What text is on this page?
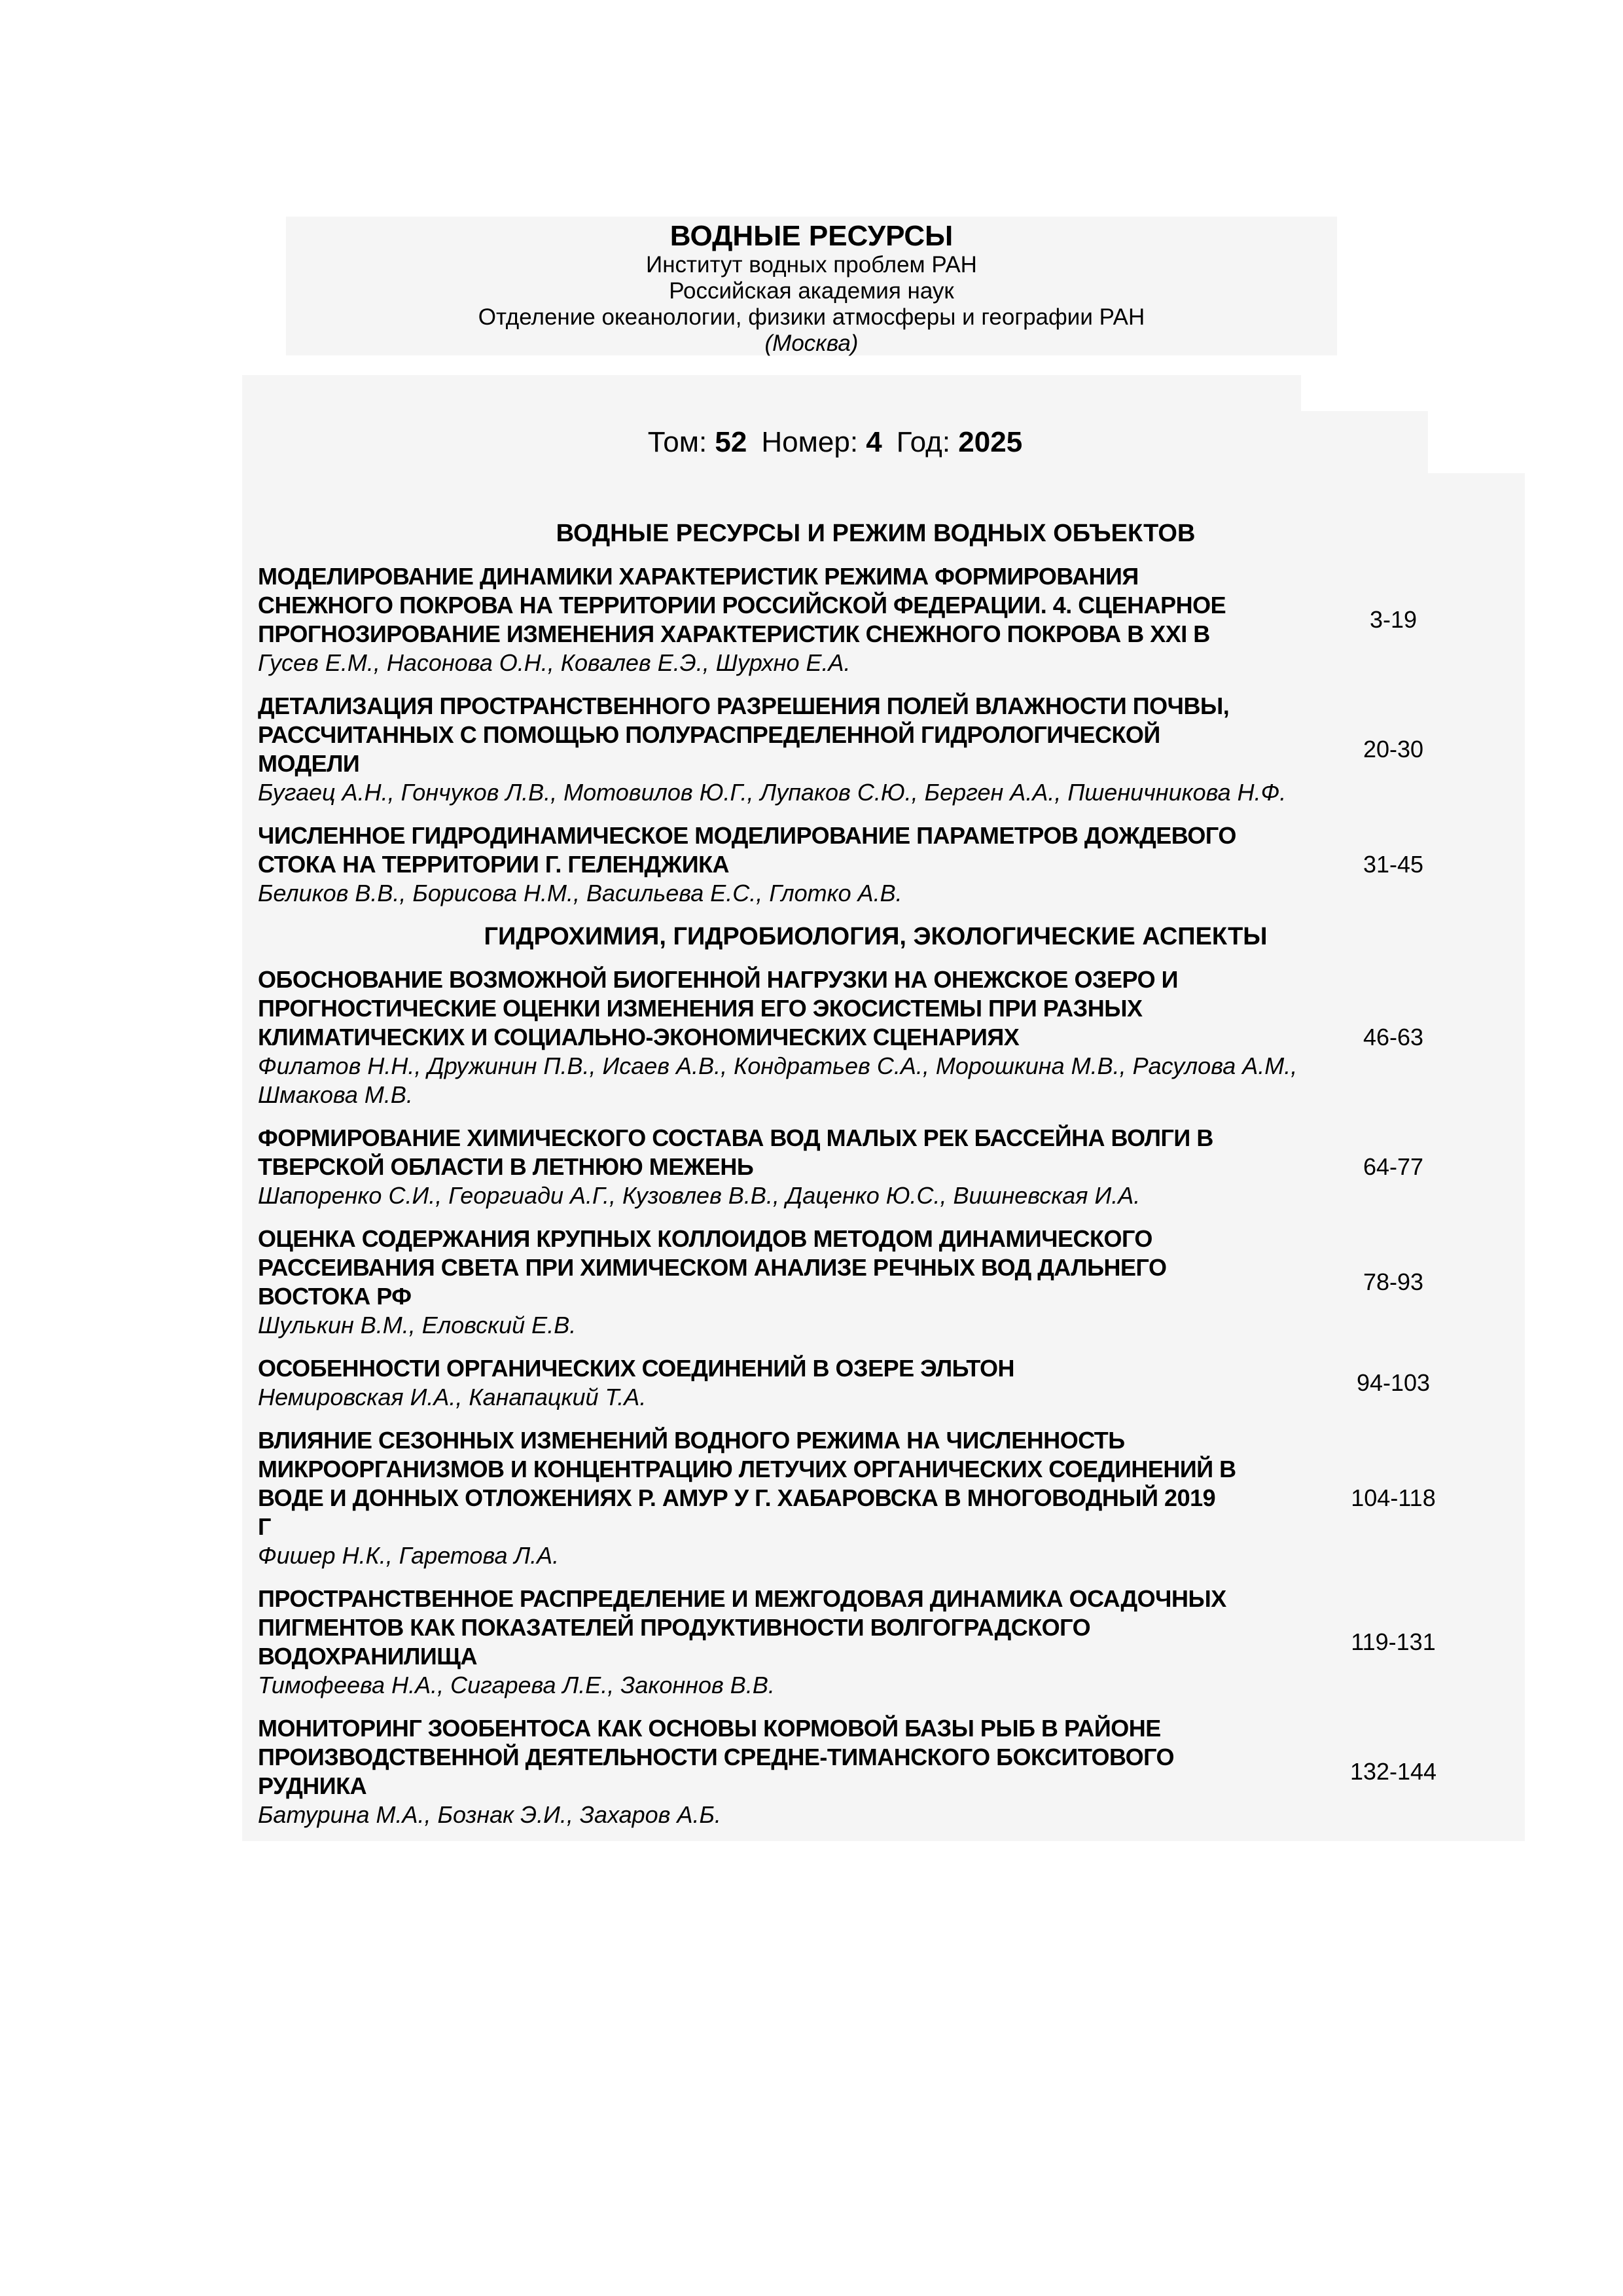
ВОДНЫЕ РЕСУРСЫ
Институт водных проблем РАН
Российская академия наук
Отделение океанологии, физики атмосферы и географии РАН
(Москва)
Том: 52 Номер: 4 Год: 2025
ВОДНЫЕ РЕСУРСЫ И РЕЖИМ ВОДНЫХ ОБЪЕКТОВ
МОДЕЛИРОВАНИЕ ДИНАМИКИ ХАРАКТЕРИСТИК РЕЖИМА ФОРМИРОВАНИЯ
СНЕЖНОГО ПОКРОВА НА ТЕРРИТОРИИ РОССИЙСКОЙ ФЕДЕРАЦИИ. 4. СЦЕНАРНОЕ
ПРОГНОЗИРОВАНИЕ ИЗМЕНЕНИЯ ХАРАКТЕРИСТИК СНЕЖНОГО ПОКРОВА В XXI В
Гусев Е.М., Насонова О.Н., Ковалев Е.Э., Шурхно Е.А.
3-19
ДЕТАЛИЗАЦИЯ ПРОСТРАНСТВЕННОГО РАЗРЕШЕНИЯ ПОЛЕЙ ВЛАЖНОСТИ ПОЧВЫ,
РАССЧИТАННЫХ С ПОМОЩЬЮ ПОЛУРАСПРЕДЕЛЕННОЙ ГИДРОЛОГИЧЕСКОЙ
МОДЕЛИ
Бугаец А.Н., Гончуков Л.В., Мотовилов Ю.Г., Лупаков С.Ю., Берген А.А., Пшеничникова Н.Ф.
20-30
ЧИСЛЕННОЕ ГИДРОДИНАМИЧЕСКОЕ МОДЕЛИРОВАНИЕ ПАРАМЕТРОВ ДОЖДЕВОГО
СТОКА НА ТЕРРИТОРИИ Г. ГЕЛЕНДЖИКА
Беликов В.В., Борисова Н.М., Васильева Е.С., Глотко А.В.
31-45
ГИДРОХИМИЯ, ГИДРОБИОЛОГИЯ, ЭКОЛОГИЧЕСКИЕ АСПЕКТЫ
ОБОСНОВАНИЕ ВОЗМОЖНОЙ БИОГЕННОЙ НАГРУЗКИ НА ОНЕЖСКОЕ ОЗЕРО И
ПРОГНОСТИЧЕСКИЕ ОЦЕНКИ ИЗМЕНЕНИЯ ЕГО ЭКОСИСТЕМЫ ПРИ РАЗНЫХ
КЛИМАТИЧЕСКИХ И СОЦИАЛЬНО-ЭКОНОМИЧЕСКИХ СЦЕНАРИЯХ
Филатов Н.Н., Дружинин П.В., Исаев А.В., Кондратьев С.А., Морошкина М.В., Расулова А.М.,
Шмакова М.В.
46-63
ФОРМИРОВАНИЕ ХИМИЧЕСКОГО СОСТАВА ВОД МАЛЫХ РЕК БАССЕЙНА ВОЛГИ В
ТВЕРСКОЙ ОБЛАСТИ В ЛЕТНЮЮ МЕЖЕНЬ
Шапоренко С.И., Георгиади А.Г., Кузовлев В.В., Даценко Ю.С., Вишневская И.А.
64-77
ОЦЕНКА СОДЕРЖАНИЯ КРУПНЫХ КОЛЛОИДОВ МЕТОДОМ ДИНАМИЧЕСКОГО
РАССЕИВАНИЯ СВЕТА ПРИ ХИМИЧЕСКОМ АНАЛИЗЕ РЕЧНЫХ ВОД ДАЛЬНЕГО
ВОСТОКА РФ
Шулькин В.М., Еловский Е.В.
78-93
ОСОБЕННОСТИ ОРГАНИЧЕСКИХ СОЕДИНЕНИЙ В ОЗЕРЕ ЭЛЬТОН
Немировская И.А., Канапацкий Т.А.
94-103
ВЛИЯНИЕ СЕЗОННЫХ ИЗМЕНЕНИЙ ВОДНОГО РЕЖИМА НА ЧИСЛЕННОСТЬ
МИКРООРГАНИЗМОВ И КОНЦЕНТРАЦИЮ ЛЕТУЧИХ ОРГАНИЧЕСКИХ СОЕДИНЕНИЙ В
ВОДЕ И ДОННЫХ ОТЛОЖЕНИЯХ Р. АМУР У Г. ХАБАРОВСКА В МНОГОВОДНЫЙ 2019
Г
Фишер Н.К., Гаретова Л.А.
104-118
ПРОСТРАНСТВЕННОЕ РАСПРЕДЕЛЕНИЕ И МЕЖГОДОВАЯ ДИНАМИКА ОСАДОЧНЫХ
ПИГМЕНТОВ КАК ПОКАЗАТЕЛЕЙ ПРОДУКТИВНОСТИ ВОЛГОГРАДСКОГО
ВОДОХРАНИЛИЩА
Тимофеева Н.А., Сигарева Л.Е., Законнов В.В.
119-131
МОНИТОРИНГ ЗООБЕНТОСА КАК ОСНОВЫ КОРМОВОЙ БАЗЫ РЫБ В РАЙОНЕ
ПРОИЗВОДСТВЕННОЙ ДЕЯТЕЛЬНОСТИ СРЕДНЕ-ТИМАНСКОГО БОКСИТОВОГО
РУДНИКА
Батурина М.А., Бознак Э.И., Захаров А.Б.
132-144
